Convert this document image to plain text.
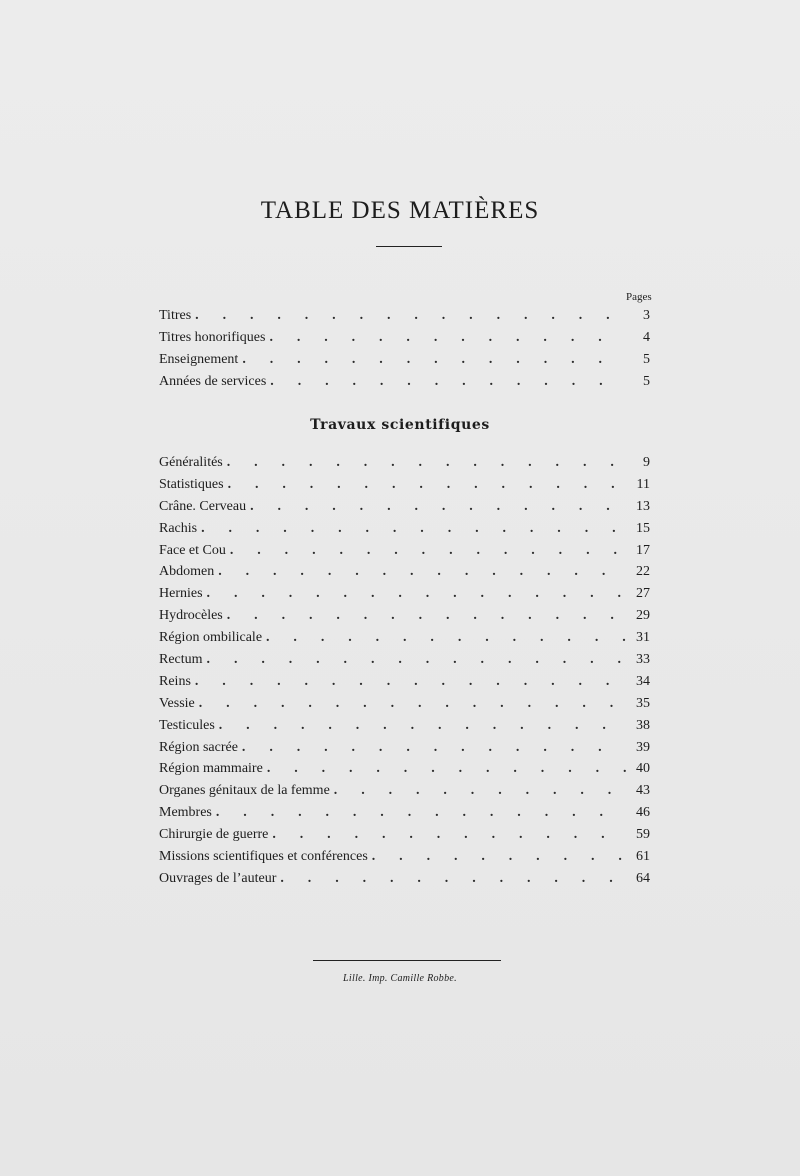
TABLE DES MATIÈRES
Pages
Titres . . .	3
Titres honorifiques . . .	4
Enseignement . . .	5
Années de services . . .	5
Travaux scientifiques
Généralités . . .	9
Statistiques . . .	11
Crâne. Cerveau . . .	13
Rachis . . .	15
Face et Cou . . .	17
Abdomen . . .	22
Hernies . . .	27
Hydrocèles . . .	29
Région ombilicale . . .	31
Rectum . . .	33
Reins . . .	34
Vessie . . .	35
Testicules . . .	38
Région sacrée . . .	39
Région mammaire . . .	40
Organes génitaux de la femme . . .	43
Membres . . .	46
Chirurgie de guerre . . .	59
Missions scientifiques et conférences . . .	61
Ouvrages de l’auteur . . .	64
Lille. Imp. Camille Robbe.
